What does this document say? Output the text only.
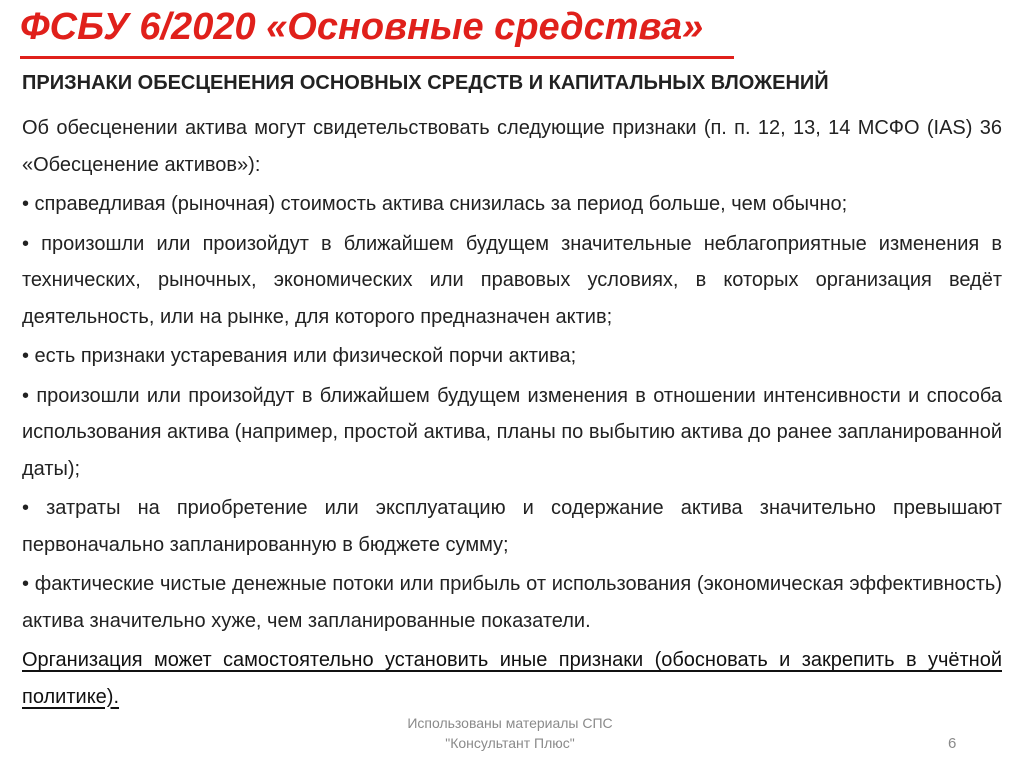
ФСБУ 6/2020 «Основные средства»
ПРИЗНАКИ ОБЕСЦЕНЕНИЯ ОСНОВНЫХ СРЕДСТВ И КАПИТАЛЬНЫХ ВЛОЖЕНИЙ

Об обесценении актива могут свидетельствовать следующие признаки (п. п. 12, 13, 14 МСФО (IAS) 36 «Обесценение активов»):

• справедливая (рыночная) стоимость актива снизилась за период больше, чем обычно;

• произошли или произойдут в ближайшем будущем значительные неблагоприятные изменения в технических, рыночных, экономических или правовых условиях, в которых организация ведёт деятельность, или на рынке, для которого предназначен актив;

• есть признаки устаревания или физической порчи актива;

• произошли или произойдут в ближайшем будущем изменения в отношении интенсивности и способа использования актива (например, простой актива, планы по выбытию актива до ранее запланированной даты);

• затраты на приобретение или эксплуатацию и содержание актива значительно превышают первоначально запланированную в бюджете сумму;

• фактические чистые денежные потоки или прибыль от использования (экономическая эффективность) актива значительно хуже, чем запланированные показатели.

Организация может самостоятельно установить иные признаки (обосновать и закрепить в учётной политике).

Использованы материалы СПС
"Консультант Плюс"	6
